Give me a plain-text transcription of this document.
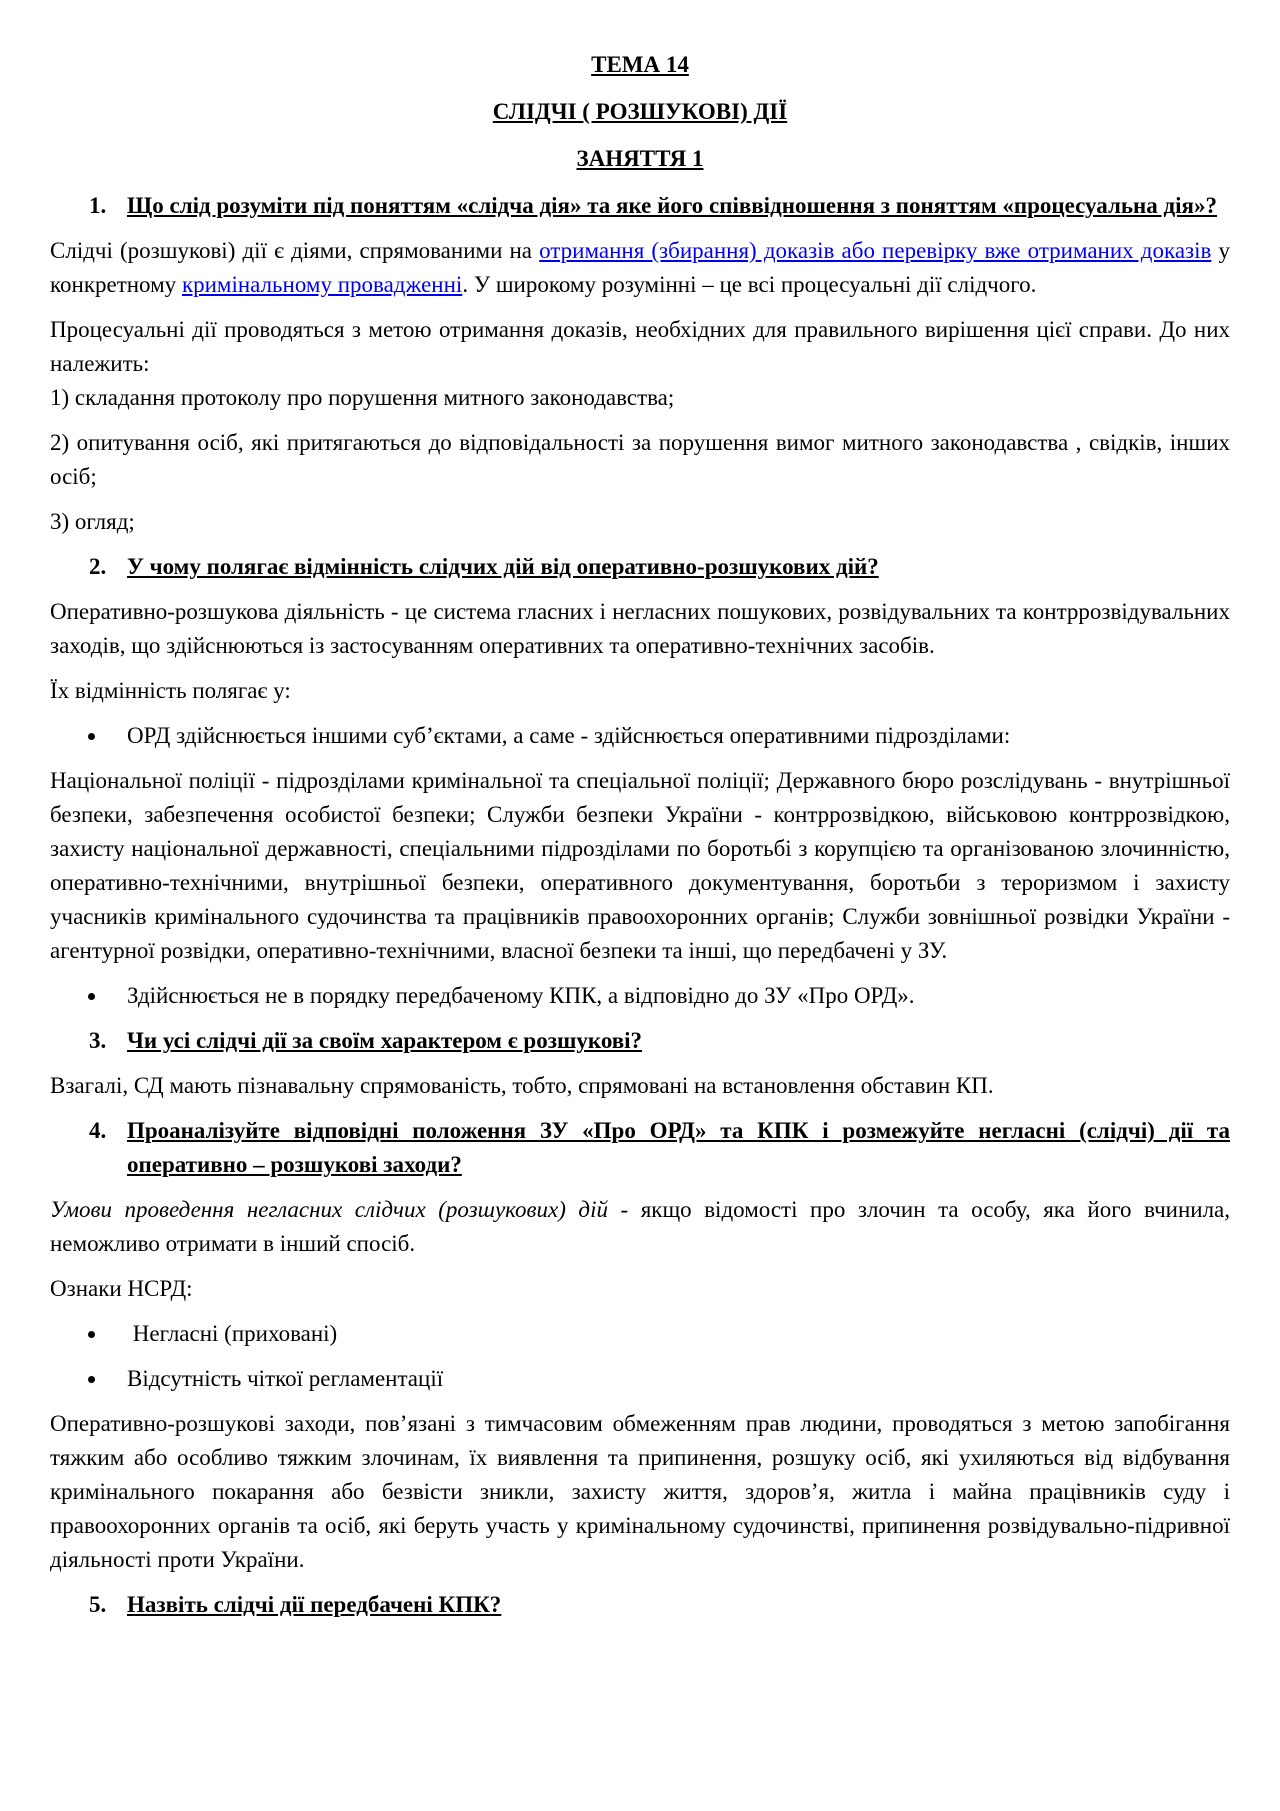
ТЕМА 14
СЛІДЧІ ( РОЗШУКОВІ) ДІЇ
ЗАНЯТТЯ 1
1. Що слід розуміти під поняттям «слідча дія» та яке його співвідношення з поняттям «процесуальна дія»?

Слідчі (розшукові) дії є діями, спрямованими на отримання (збирання) доказів або перевірку вже отриманих доказів у конкретному кримінальному провадженні. У широкому розумінні – це всі процесуальні дії слідчого.

Процесуальні дії проводяться з метою отримання доказів, необхідних для правильного вирішення цієї справи. До них належить:
1) складання протоколу про порушення митного законодавства;

2) опитування осіб, які притягаються до відповідальності за порушення вимог митного законодавства , свідків, інших осіб;

3) огляд;

2. У чому полягає відмінність слідчих дій від оперативно-розшукових дій?

Оперативно-розшукова діяльність - це система гласних і негласних пошукових, розвідувальних та контррозвідувальних заходів, що здійснюються із застосуванням оперативних та оперативно-технічних засобів.

Їх відмінність полягає у:

ОРД здійснюється іншими суб’єктами, а саме - здійснюється оперативними підрозділами:

Національної поліції - підрозділами кримінальної та спеціальної поліції; Державного бюро розслідувань - внутрішньої безпеки, забезпечення особистої безпеки; Служби безпеки України - контррозвідкою, військовою контррозвідкою, захисту національної державності, спеціальними підрозділами по боротьбі з корупцією та організованою злочинністю, оперативно-технічними, внутрішньої безпеки, оперативного документування, боротьби з тероризмом і захисту учасників кримінального судочинства та працівників правоохоронних органів; Служби зовнішньої розвідки України - агентурної розвідки, оперативно-технічними, власної безпеки та інші, що передбачені у ЗУ.

Здійснюється не в порядку передбаченому КПК, а відповідно до ЗУ «Про ОРД».
3. Чи усі слідчі дії за своїм характером є розшукові?

Взагалі, СД мають пізнавальну спрямованість, тобто, спрямовані на встановлення обставин КП.

4. Проаналізуйте відповідні положення ЗУ «Про ОРД» та КПК і розмежуйте негласні (слідчі) дії та оперативно – розшукові заходи?

Умови проведення негласних слідчих (розшукових) дій - якщо відомості про злочин та особу, яка його вчинила, неможливо отримати в інший спосіб.

Ознаки НСРД:

Негласні (приховані)
Відсутність чіткої регламентації

Оперативно-розшукові заходи, пов’язані з тимчасовим обмеженням прав людини, проводяться з метою запобігання тяжким або особливо тяжким злочинам, їх виявлення та припинення, розшуку осіб, які ухиляються від відбування кримінального покарання або безвісти зникли, захисту життя, здоров’я, житла і майна працівників суду і правоохоронних органів та осіб, які беруть участь у кримінальному судочинстві, припинення розвідувально-підривної діяльності проти України.

5. Назвіть слідчі дії передбачені КПК?
